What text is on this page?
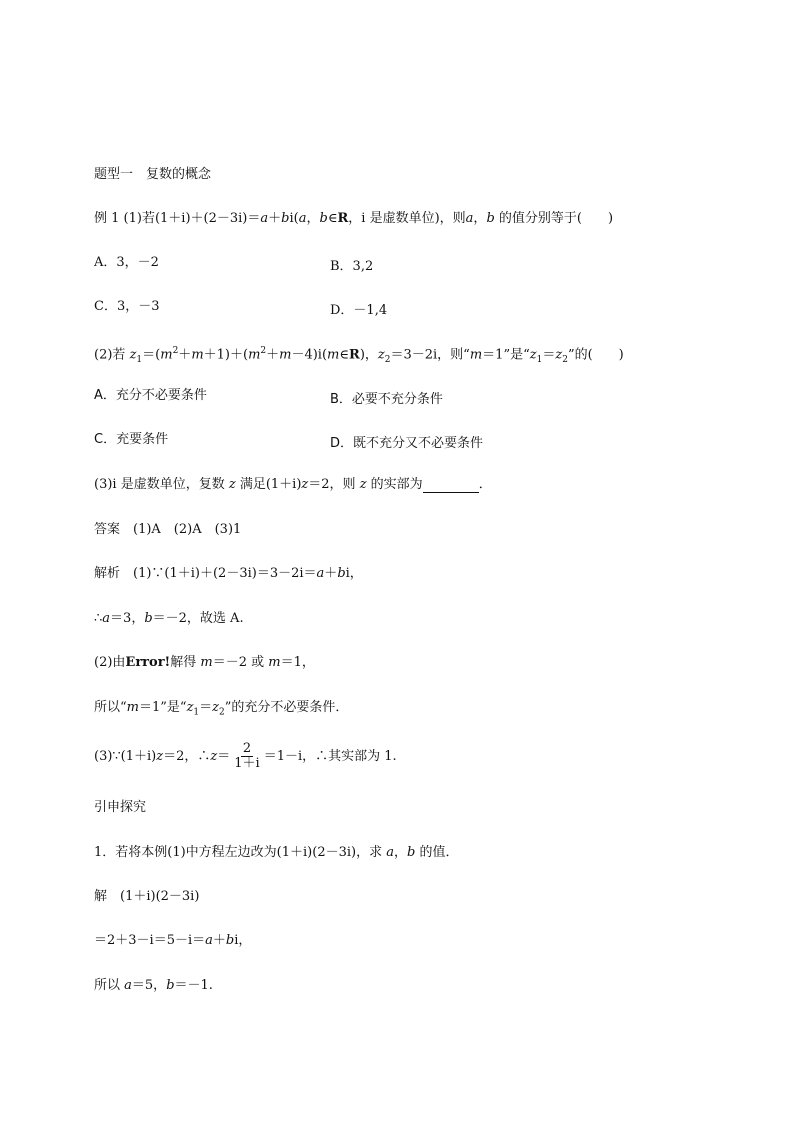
题型一　复数的概念
例 1 (1)若(1＋i)＋(2－3i)＝a＋bi(a，b∈R，i 是虚数单位)，则a，b 的值分别等于(　　)
A．3，－2	B．3,2
C．3，－3	D．－1,4
(2)若 $z_1=(m^2+m+1)+(m^2+m-4)i(m\in R)$，$z_2=3-2i$，则“m＝1”是“$z_1=z_2$”的(　　)
A．充分不必要条件	B．必要不充分条件
C．充要条件	D．既不充分又不必要条件
(3)i 是虚数单位，复数 z 满足(1＋i)z＝2，则 z 的实部为	．
答案　(1)A　(2)A　(3)1
解析　(1)∵(1＋i)＋(2－3i)＝3－2i＝a＋bi，
∴a＝3，b＝－2，故选 A.
(2)由Error!解得 m＝－2 或 m＝1，
所以“m＝1”是“$z_1=z_2$”的充分不必要条件．
(3)∵(1＋i)z＝2，∴z＝ $\frac{2}{1+i} =1-i$，∴其实部为 1.
引申探究
1．若将本例(1)中方程左边改为(1＋i)(2－3i)，求 a，b 的值．
解　(1＋i)(2－3i)
＝2＋3－i＝5－i＝a＋bi，
所以 a＝5，b＝－1.
